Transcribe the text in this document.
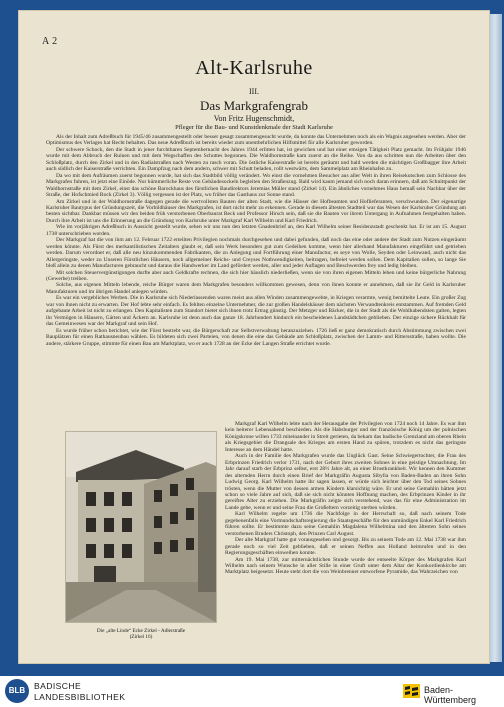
A 2
Alt-Karlsruhe
III.
Das Markgrafengrab
Von Fritz Hugenschmidt,
Pfleger für die Bau- und Kunstdenkmale der Stadt Karlsruhe

Als der Inhalt zum Adreßbuch für 1945/46 zusammengestellt oder besser gesagt zusammengesucht wurde, da konnte das Unternehmen noch als ein Wagnis angesehen werden. Aber der Optimismus des Verlages hat Recht behalten. Das neue Adreßbuch ist bereits wieder zum unentbehrlichen Hilfsmittel für alle Karlsruher geworden.

Der schwere Schock, den die Stadt in jener furchtbaren Septembernacht des Jahres 1944 erlitten hat, ist gewichen und hat einer emsigen Tätigkeit Platz gemacht. Im Frühjahr 1946 wurde mit dem Abbruch der Ruinen und mit dem Wegschaffen des Schuttes begonnen. Die Waldhornstraße kam zuerst an die Reihe. Von da aus schritten nun die Arbeiten über den Schloßplatz, durch den Zirkel und in den Radialstraßen nach Westen zu rasch voran. Die östliche Kaiserstraße ist bereits geräumt und bald werden die mächtigen Großbagger ihre Arbeit auch südlich der Kaiserstraße verrichten. Ein Dampfzug nach dem andern, schwer mit Schutt beladen, rollt westwärts, dem Sammelplatz am Rheinhafen zu.

Da wo mit dem Aufräumen zuerst begonnen wurde, hat sich das Stadtbild völlig verändert. Wo einst die vornehmen Besucher aus aller Welt in ihren Reisekutschen zum Schlosse des Markgrafen fuhren, ist jetzt eine Einöde. Nur kümmerliche Reste von Gebäudesockeln begleiten den Straßenzug. Bald wird kaum jemand sich noch daran erinnern, daß am Schnittpunkt der Waldhornstraße mit dem Zirkel, einst das schöne Barockhaus des fürstlichen Baudirektors Jeremias Müller stand (Zirkel 14). Ein ähnliches vornehmes Haus hemaß sein Nachbar über der Straße, der Hofschmied Bock (Zirkel 3). Völlig vergessen ist der Platz, wo früher das Gasthaus zur Sonne stand.

Am Zirkel und in der Waldhornstraße dagegen gerade die wertvollsten Bauten der alten Stadt, wie die Häuser der Hofbeamten und Hoflieferanten, verschwunden. Der eigenartige Karlsruher Bautypus der Gründungszeit, die Vorbildhäuser des Markgrafen, ist dort nicht mehr zu erkennen. Gerade in diesem ältesten Stadtteil war das Wesen der Karlsruher Gründung am besten sichtbar. Dankbar müssen wir den beiden früh verstorbenen Oberbaurat Beck und Professor Hirsch sein, daß sie die Bauten vor ihrem Untergang in Aufnahmen festgehalten haben. Durch ihre Arbeit ist uns die Erinnerung an die Gründung von Karlsruhe unter Markgraf Karl Wilhelm und Karl Friedrich.

Wie im vorjährigen Adreßbuch in Aussicht gestellt wurde, sehen wir uns nun den letzten Gnadenbrief an, den Karl Wilhelm seiner Residenzstadt geschenkt hat. Er ist am 15. August 1738 unterschrieben worden.

Der Markgraf hat die von ihm am 12. Februar 1722 erteilten Privilegien nochmals durchgesehen und dabei gefunden, daß noch das eine oder andere der Stadt zum Nutzen eingeräumt werden könnte. Als Fürst des merkantilistischen Zeitalters glaubt er, daß sein Werk besonders gut zum Gedeihen komme, wenn hier allerhand Manufakturen eingeführt und getrieben werden. Darum verordnet er, daß alle neu hinzukommenden Fabrikanten, die zu Anlegung und Fortführung einer Manufactur, es seye von Wolle, Seyden oder Leinwand, auch nicht das Allergeringste, weder zu Unseren Fürstlichen Häusern, noch allgemeiner Reichs- und Creyses Nothwendigkeiten, beitragen, befreiet werden sollen. Dem Kapitalien sollen, so lange Sie bloß allein zu denen Manufacturen gebraucht und daraus die Handwerker im Land gefördert werden, aller und jeder Auflagen und Beschwerden frey und ledig bleiben.

Mit solchen Steuervergünstigungen durfte aber auch Geldkrafte rechnen, die sich hier häuslich niederließen, wenn sie von ihren eigenen Mitteln leben und keine bürgerliche Nahrung (Gewerbe) treiben.

Solche, aus eigenen Mitteln lebende, reiche Bürger waren dem Markgrafen besonders willkommen gewesen, denn von ihnen konnte er annehmen, daß sie ihr Geld in Karlsruher Manufakturen und im übrigen Handel anlegen würden.

Es war ein vergebliches Werben. Die in Karlsruhe sich Niederlassenden waren meist aus allen Winden zusammengewehte, in Kriegen verarmte, wenig bemittelte Leute. Ein großer Zug war von ihnen nicht zu erwarten. Der Hof lebte sehr einfach. Es fehlten einzelne Unternehmer, die zur großen Handelshäuser dem nächsten Verwandtenkreis entstammen. Auf fremden Geld aufgebaute Arbeit ist nicht zu erlangen. Den Kapitalisten zum Standort bietet sich ihnen trotz Ertrag günstig. Der Metzger und Bäcker, die in der Stadt als die Wohlhabendsten galten, legten ihr Vermögen in Häusern, Gärten und Äckern an. Karlsruhe ist denn auch das ganze 18. Jahrhundert hindurch ein bescheidenes Landstädtchen geblieben. Der einzige sichere Rückhalt für das Gemeinwesen war der Markgraf und sein Hof.

Es wurde früher schon berichtet, wie der Fürst bestrebt war, die Bürgerschaft zur Selbstverwaltung heranzuziehen. 1726 ließ er ganz demokratisch durch Abstimmung zwischen zwei Bauplätzen für einen Rathausneubau wählen. Es bildeten sich zwei Parteien, von denen die eine das Gebäude am Schloßplatz, zwischen der Lamm- und Rittersstraße, haben wollte. Die andere, stärkere Gruppe, stimmte für einen Bau am Marktplatz, wo er auch 1728 an der Ecke der Langen Straße errichtet wurde.

Die „alte Linde“ Ecke Zirkel - Adlerstraße
(Zirkel 16)

Markgraf Karl Wilhelm lebte nach der Herausgabe der Privilegien von 1724 noch 14 Jahre. Es war ihm kein heiterer Lebensabend beschieden. Als die Habsburger und der französische König um der polnischen Königskrone willen 1733 miteinander in Streit gerieten, da bekam das badische Grenzland am oberen Rhein als Kriegsgebiet die Drangsale des Krieges am ersten Hand zu spüren, trotzdem es nicht das geringste Interesse an dem Händel hatte.

Auch in der Familie des Markgrafen wurde das Unglück Gast. Seine Schwiegertochter, die Frau des Erbprinzen Friedrich verlor 1731, nach der Geburt ihres zweiten Sohnes in eine geistige Umnachtung. Im Jahr darauf starb der Erbprinz selbst, erst 28½ Jahre alt, an einer Brustkrankheit. Wir kennen den Kummer des alternden Herrn durch einen Brief der Markgräfin Augusta Sibylla von Baden-Baden an ihren Sohn Ludwig Georg. Karl Wilhelm hatte ihr sagen lassen, er würde sich leichter über den Tod seines Sohnes trösten, wenn die Mutter von dessen armen Kindern klarsichtig wäre. Er und seine Gemahlin hätten jetzt schon so viele Jahre auf sich, daß sie sich nicht könnten Hoffnung machen, des Erbprinzen Kinder in ihr gereiftes Alter zu erziehen. Die Markgräfin zeigte sich verstehend, was das für eine Administration im Lande gebe, wenn er und seine Frau die Großeltern vorzeitig sterben würden.

Karl Wilhelm regelte um 1736 die Nachfolge in der Herrschaft so, daß nach seinem Tode gegebenenfalls eine Vormundschaftsregierung die Staatsgeschäfte für den unmündigen Enkel Karl Friedrich führen sollte. Er bestimmte dazu seine Gemahlin Magdalena Wilhelmina und den ältesten Sohn seines verstorbenen Bruders Christoph, den Prinzen Carl August.

Der alte Markgraf hatte gut vorausgesehen und gesorgt. Bis zu seinem Tode am 12. Mai 1738 war ihm gerade noch so viel Zeit geblieben, daß er seinen Neffen aus Holland heimrufen und in den Regierungsgeschäften einweihen konnte.

Am 19. Mai 1738, zur mitternächtlichen Stunde wurde der entseelte Körper des Markgrafen Karl Wilhelm nach seinem Wunsche in aller Stille in einer Gruft unter dem Altar der Konkordienkirche am Marktplatz beigesetzt. Heute steht dort die von Weinbrenner entworfene Pyramide, das Wahrzeichen von

BLB	BADISCHE
LANDESBIBLIOTHEK
Baden-Württemberg
